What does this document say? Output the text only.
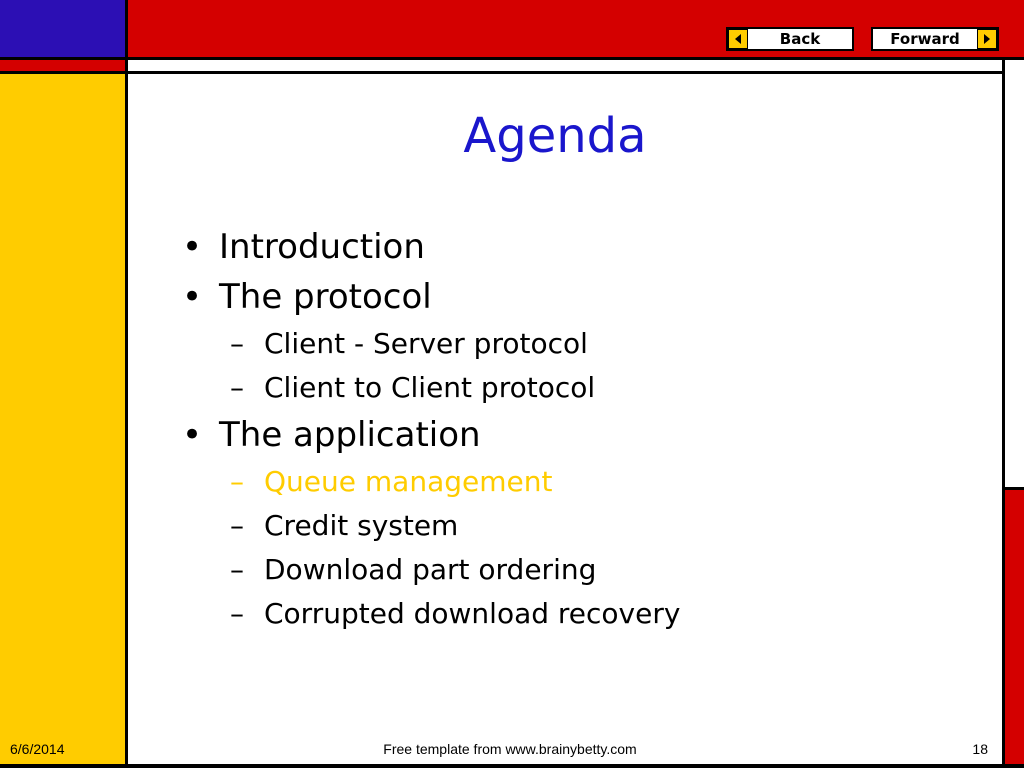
Back	Forward
Agenda
• Introduction
• The protocol
– Client - Server protocol
– Client to Client protocol
• The application
– Queue management
– Credit system
– Download part ordering
– Corrupted download recovery
6/6/2014	Free template from www.brainybetty.com	18
